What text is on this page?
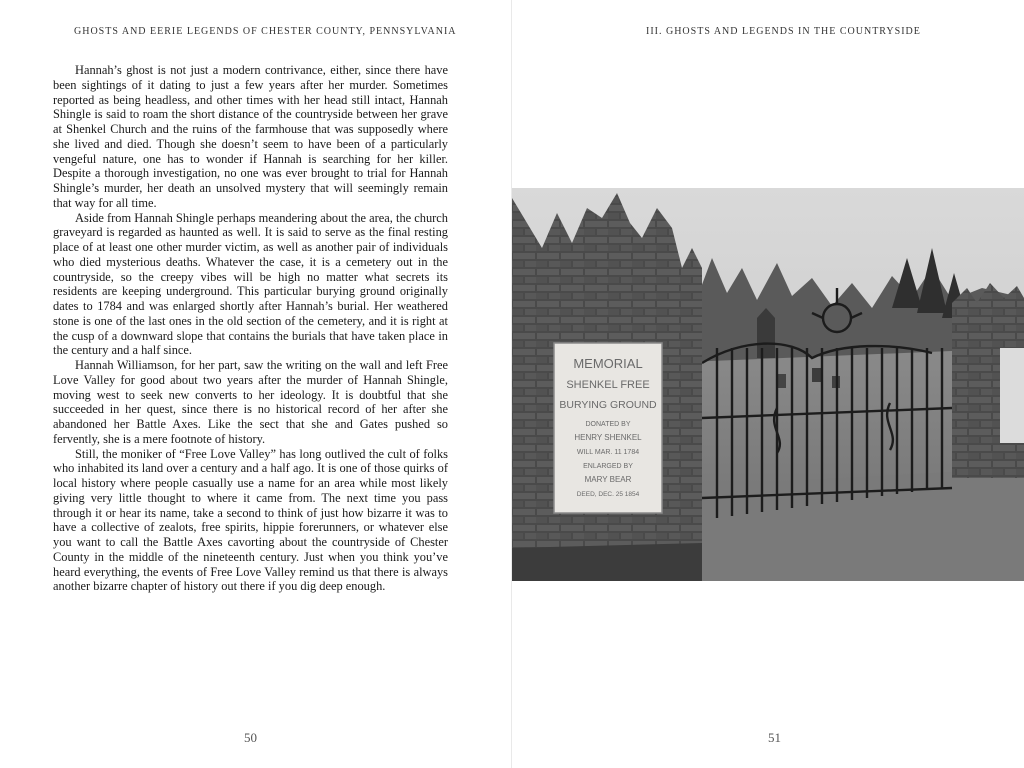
GHOSTS AND EERIE LEGENDS OF CHESTER COUNTY, PENNSYLVANIA

Hannah’s ghost is not just a modern contrivance, either, since there have been sightings of it dating to just a few years after her murder. Sometimes reported as being headless, and other times with her head still intact, Hannah Shingle is said to roam the short distance of the countryside between her grave at Shenkel Church and the ruins of the farmhouse that was supposedly where she lived and died. Though she doesn’t seem to have been of a particularly vengeful nature, one has to wonder if Hannah is searching for her killer. Despite a thorough investigation, no one was ever brought to trial for Hannah Shingle’s murder, her death an unsolved mystery that will seemingly remain that way for all time.

Aside from Hannah Shingle perhaps meandering about the area, the church graveyard is regarded as haunted as well. It is said to serve as the final resting place of at least one other murder victim, as well as another pair of individuals who died mysterious deaths. Whatever the case, it is a cemetery out in the countryside, so the creepy vibes will be high no matter what secrets its residents are keeping underground. This particular burying ground originally dates to 1784 and was enlarged shortly after Hannah’s burial. Her weathered stone is one of the last ones in the old section of the cemetery, and it is right at the cusp of a downward slope that contains the burials that have taken place in the century and a half since.

Hannah Williamson, for her part, saw the writing on the wall and left Free Love Valley for good about two years after the murder of Hannah Shingle, moving west to seek new converts to her ideology. It is doubtful that she succeeded in her quest, since there is no historical record of her after she abandoned her Battle Axes. Like the sect that she and Gates pushed so fervently, she is a mere footnote of history.

Still, the moniker of “Free Love Valley” has long outlived the cult of folks who inhabited its land over a century and a half ago. It is one of those quirks of local history where people casually use a name for an area while most likely giving very little thought to where it came from. The next time you pass through it or hear its name, take a second to think of just how bizarre it was to have a collective of zealots, free spirits, hippie forerunners, or whatever else you want to call the Battle Axes cavorting about the countryside of Chester County in the middle of the nineteenth century. Just when you think you’ve heard everything, the events of Free Love Valley remind us that there is always another bizarre chapter of history out there if you dig deep enough.

50
III. GHOSTS AND LEGENDS IN THE COUNTRYSIDE
MEMORIAL
SHENKEL FREE
BURYING GROUND
DONATED BY
HENRY SHENKEL
WILL MAR. 11 1784
ENLARGED BY
MARY BEAR
DEED, DEC. 25 1854
51
